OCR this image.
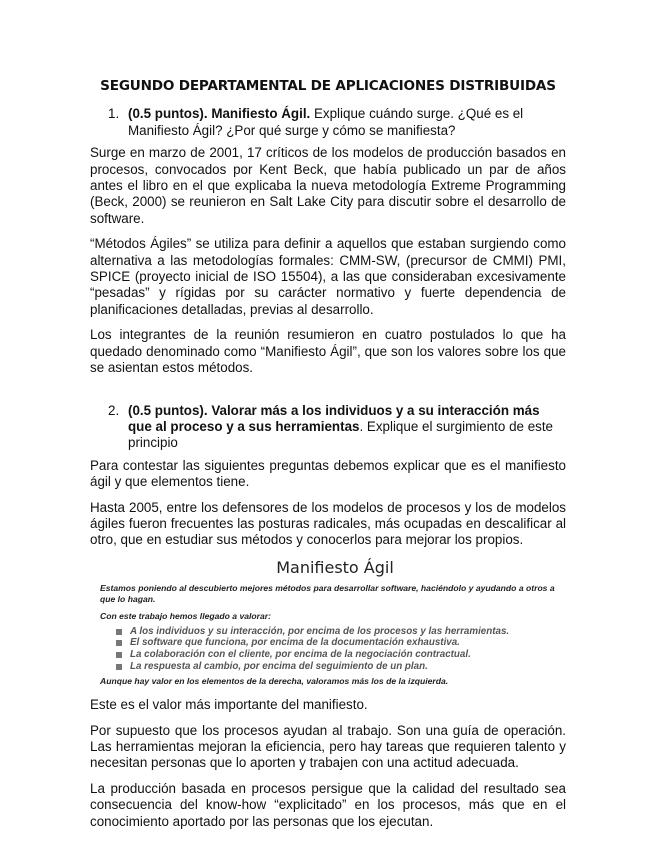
SEGUNDO DEPARTAMENTAL DE APLICACIONES DISTRIBUIDAS
1. (0.5 puntos). Manifiesto Ágil. Explique cuándo surge. ¿Qué es el Manifiesto Ágil? ¿Por qué surge y cómo se manifiesta?

Surge en marzo de 2001, 17 críticos de los modelos de producción basados en procesos, convocados por Kent Beck, que había publicado un par de años antes el libro en el que explicaba la nueva metodología Extreme Programming (Beck, 2000) se reunieron en Salt Lake City para discutir sobre el desarrollo de software.

“Métodos Ágiles” se utiliza para definir a aquellos que estaban surgiendo como alternativa a las metodologías formales: CMM-SW, (precursor de CMMI) PMI, SPICE (proyecto inicial de ISO 15504), a las que consideraban excesivamente “pesadas” y rígidas por su carácter normativo y fuerte dependencia de planificaciones detalladas, previas al desarrollo.

Los integrantes de la reunión resumieron en cuatro postulados lo que ha quedado denominado como “Manifiesto Ágil”, que son los valores sobre los que se asientan estos métodos.

2. (0.5 puntos). Valorar más a los individuos y a su interacción más que al proceso y a sus herramientas. Explique el surgimiento de este principio

Para contestar las siguientes preguntas debemos explicar que es el manifiesto ágil y que elementos tiene.

Hasta 2005, entre los defensores de los modelos de procesos y los de modelos ágiles fueron frecuentes las posturas radicales, más ocupadas en descalificar al otro, que en estudiar sus métodos y conocerlos para mejorar los propios.

Manifiesto Ágil
Estamos poniendo al descubierto mejores métodos para desarrollar software, haciéndolo y ayudando a otros a que lo hagan.
Con este trabajo hemos llegado a valorar:
A los individuos y su interacción, por encima de los procesos y las herramientas.
El software que funciona, por encima de la documentación exhaustiva.
La colaboración con el cliente, por encima de la negociación contractual.
La respuesta al cambio, por encima del seguimiento de un plan.
Aunque hay valor en los elementos de la derecha, valoramos más los de la izquierda.

Este es el valor más importante del manifiesto.

Por supuesto que los procesos ayudan al trabajo. Son una guía de operación. Las herramientas mejoran la eficiencia, pero hay tareas que requieren talento y necesitan personas que lo aporten y trabajen con una actitud adecuada.

La producción basada en procesos persigue que la calidad del resultado sea consecuencia del know-how “explicitado” en los procesos, más que en el conocimiento aportado por las personas que los ejecutan.
